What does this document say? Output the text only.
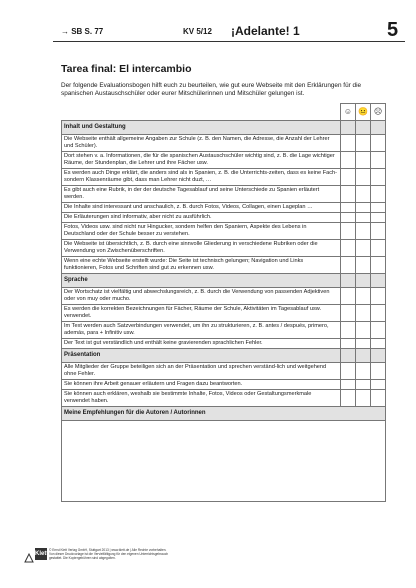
→ SB S. 77	KV 5/12 ¡Adelante! 1	5
Tarea final: El intercambio
Der folgende Evaluationsbogen hilft euch zu beurteilen, wie gut eure Webseite mit den Erklärungen für die spanischen Austauschschüler oder eurer Mitschülerinnen und Mitschüler gelungen ist.
	☺	😐	☹
Inhalt und Gestaltung			
Die Webseite enthält allgemeine Angaben zur Schule (z. B. den Namen, die Adresse, die Anzahl der Lehrer und Schüler).			
Dort stehen v. a. Informationen, die für die spanischen Austauschschüler wichtig sind, z. B. die Lage wichtiger Räume, der Stundenplan, die Lehrer und ihre Fächer usw.			
Es werden auch Dinge erklärt, die anders sind als in Spanien, z. B. die Unterrichts-zeiten, dass es keine Fach- sondern Klassenräume gibt, dass man Lehrer nicht duzt, …			
Es gibt auch eine Rubrik, in der der deutsche Tagesablauf und seine Unterschiede zu Spanien erläutert werden.			
Die Inhalte sind interessant und anschaulich, z. B. durch Fotos, Videos, Collagen, einen Lageplan …			
Die Erläuterungen sind informativ, aber nicht zu ausführlich.			
Fotos, Videos usw. sind nicht nur Hingucker, sondern helfen den Spaniern, Aspekte des Lebens in Deutschland oder der Schule besser zu verstehen.			
Die Webseite ist übersichtlich, z. B. durch eine sinnvolle Gliederung in verschiedene Rubriken oder die Verwendung von Zwischenüberschriften.			
Wenn eine echte Webseite erstellt wurde: Die Seite ist technisch gelungen; Navigation und Links funktionieren, Fotos und Schriften sind gut zu erkennen usw.			
Sprache			
Der Wortschatz ist vielfältig und abwechslungsreich, z. B. durch die Verwendung von passenden Adjektiven oder von muy oder mucho.			
Es werden die korrekten Bezeichnungen für Fächer, Räume der Schule, Aktivitäten im Tagesablauf usw. verwendet.			
Im Text werden auch Satzverbindungen verwendet, um ihn zu strukturieren, z. B. antes / después, primero, además, para + Infinitiv usw.			
Der Text ist gut verständlich und enthält keine gravierenden sprachlichen Fehler.			
Präsentation			
Alle Mitglieder der Gruppe beteiligen sich an der Präsentation und sprechen verständ-lich und weitgehend ohne Fehler.			
Sie können ihre Arbeit genauer erläutern und Fragen dazu beantworten.			
Sie können auch erklären, weshalb sie bestimmte Inhalte, Fotos, Videos oder Gestaltungsmerkmale verwendet haben.			
Meine Empfehlungen für die Autoren / Autorinnen			

Klett
© Ernst Klett Verlag GmbH, Stuttgart 2013 | www.klett.de | Alle Rechte vorbehalten. Von dieser Druckvorlage ist die Vervielfältigung für den eigenen Unterrichtsgebrauch gestattet. Die Kopiergebühren sind abgegolten.
